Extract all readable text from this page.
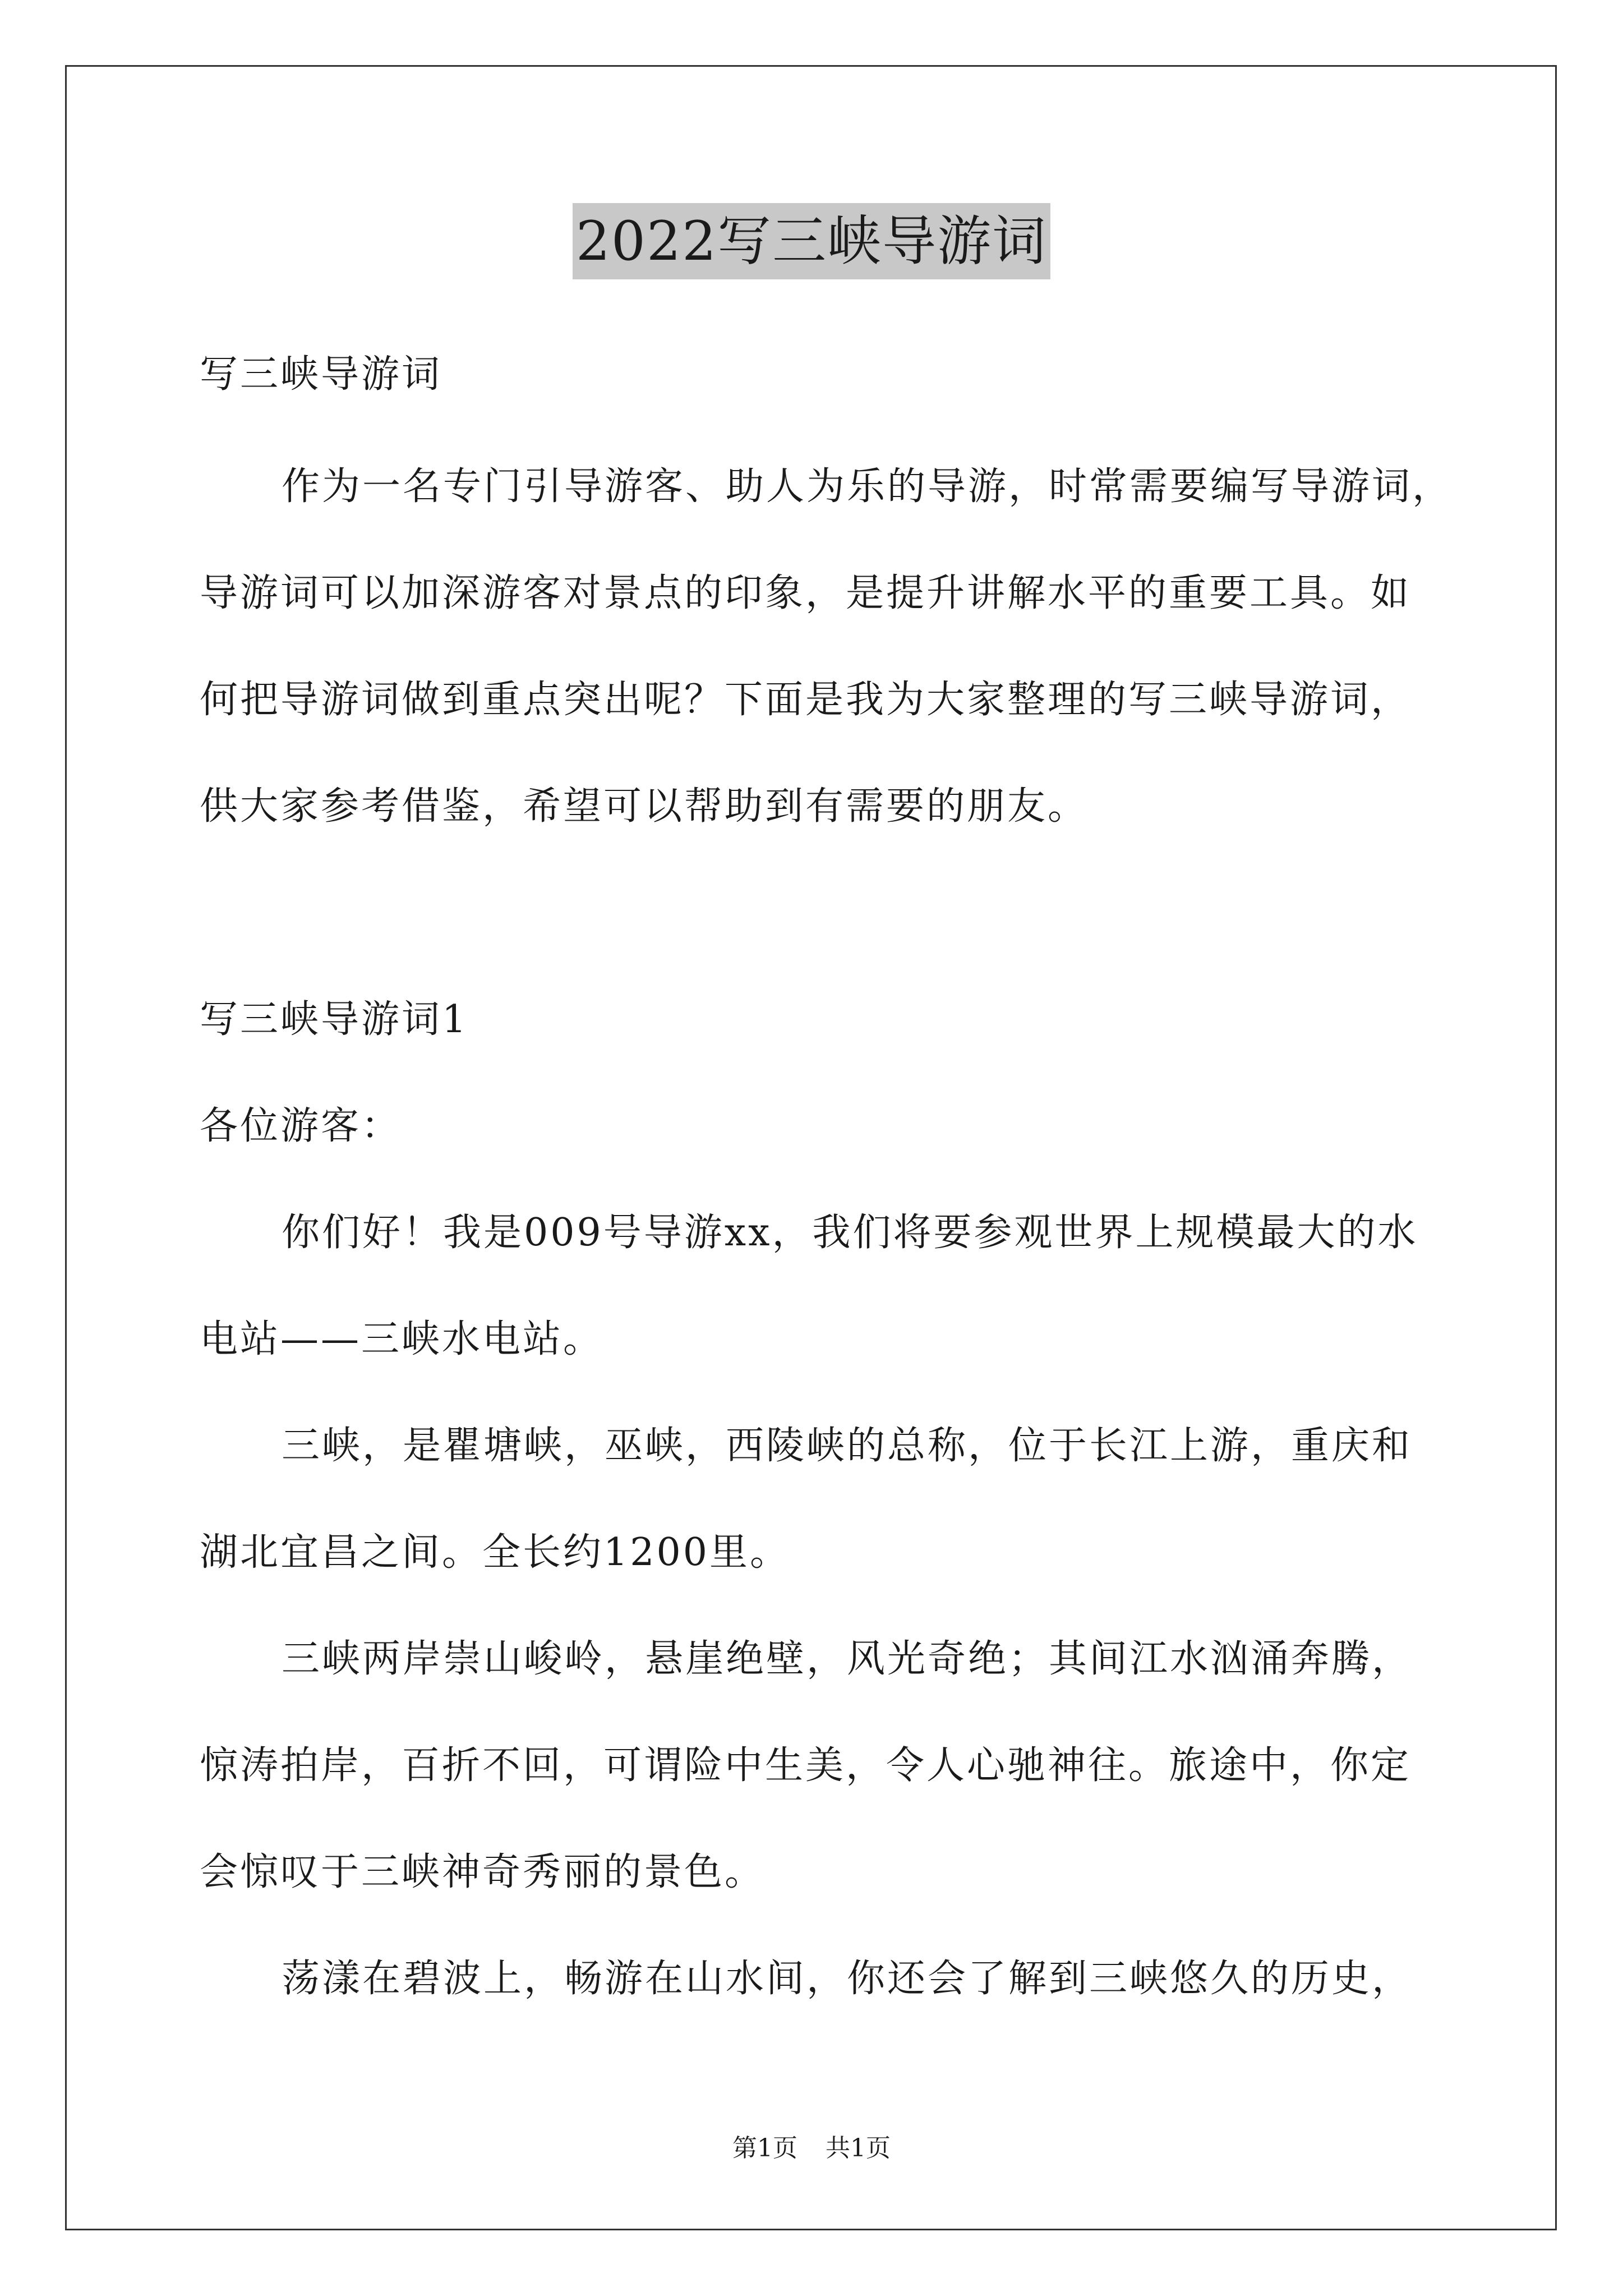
2022写三峡导游词
写三峡导游词
作为一名专门引导游客、助人为乐的导游，时常需要编写导游词，
导游词可以加深游客对景点的印象，是提升讲解水平的重要工具。如
何把导游词做到重点突出呢？下面是我为大家整理的写三峡导游词，
供大家参考借鉴，希望可以帮助到有需要的朋友。
写三峡导游词1
各位游客：
你们好！我是009号导游xx，我们将要参观世界上规模最大的水
电站——三峡水电站。
三峡，是瞿塘峡，巫峡，西陵峡的总称，位于长江上游，重庆和
湖北宜昌之间。全长约1200里。
三峡两岸崇山峻岭，悬崖绝壁，风光奇绝；其间江水汹涌奔腾，
惊涛拍岸，百折不回，可谓险中生美，令人心驰神往。旅途中，你定
会惊叹于三峡神奇秀丽的景色。
荡漾在碧波上，畅游在山水间，你还会了解到三峡悠久的历史，
第1页 共1页
